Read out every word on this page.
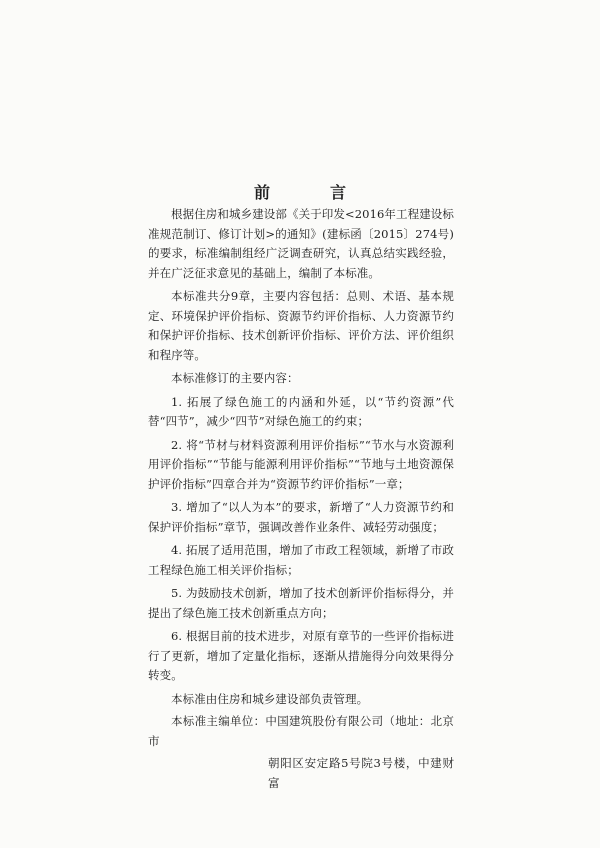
前　言

根据住房和城乡建设部《关于印发<2016年工程建设标准规范制订、修订计划>的通知》(建标函〔2015〕274号)的要求，标准编制组经广泛调查研究，认真总结实践经验，并在广泛征求意见的基础上，编制了本标准。

本标准共分9章，主要内容包括：总则、术语、基本规定、环境保护评价指标、资源节约评价指标、人力资源节约和保护评价指标、技术创新评价指标、评价方法、评价组织和程序等。

本标准修订的主要内容：

1. 拓展了绿色施工的内涵和外延，以“节约资源”代替“四节”，减少“四节”对绿色施工的约束；

2. 将“节材与材料资源利用评价指标”“节水与水资源利用评价指标”“节能与能源利用评价指标”“节地与土地资源保护评价指标”四章合并为“资源节约评价指标”一章；

3. 增加了“以人为本”的要求，新增了“人力资源节约和保护评价指标”章节，强调改善作业条件、减轻劳动强度；

4. 拓展了适用范围，增加了市政工程领域，新增了市政工程绿色施工相关评价指标；

5. 为鼓励技术创新，增加了技术创新评价指标得分，并提出了绿色施工技术创新重点方向；

6. 根据目前的技术进步，对原有章节的一些评价指标进行了更新，增加了定量化指标，逐渐从措施得分向效果得分转变。

本标准由住房和城乡建设部负责管理。

本标准主编单位：中国建筑股份有限公司（地址：北京市

朝阳区安定路5号院3号楼，中建财富
